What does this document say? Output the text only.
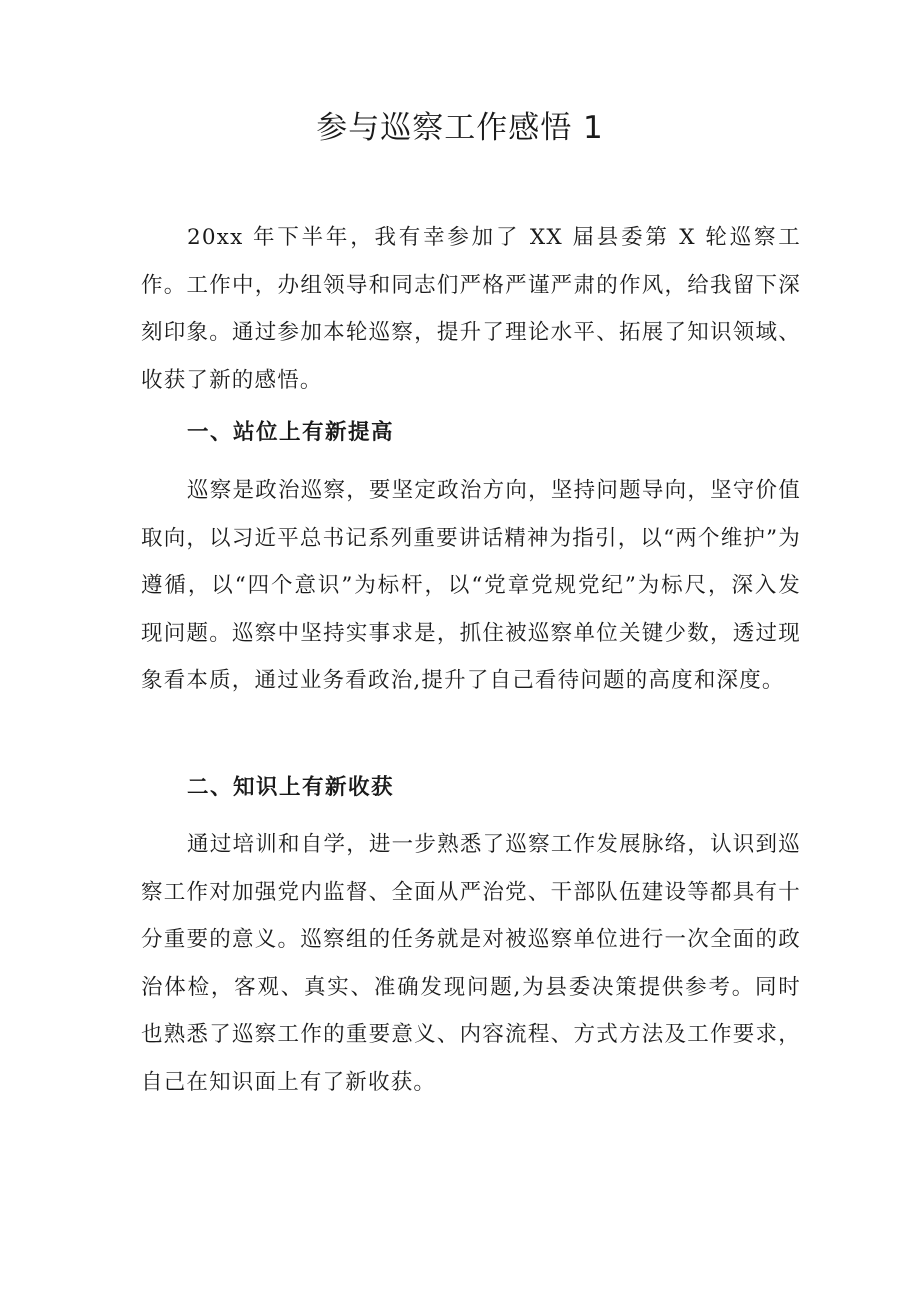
参与巡察工作感悟 1

20xx 年下半年，我有幸参加了 XX 届县委第 X 轮巡察工作。工作中，办组领导和同志们严格严谨严肃的作风，给我留下深刻印象。通过参加本轮巡察，提升了理论水平、拓展了知识领域、收获了新的感悟。

一、站位上有新提高

巡察是政治巡察，要坚定政治方向，坚持问题导向，坚守价值取向，以习近平总书记系列重要讲话精神为指引，以“两个维护”为遵循，以“四个意识”为标杆，以“党章党规党纪”为标尺，深入发现问题。巡察中坚持实事求是，抓住被巡察单位关键少数，透过现象看本质，通过业务看政治,提升了自己看待问题的高度和深度。

二、知识上有新收获

通过培训和自学，进一步熟悉了巡察工作发展脉络，认识到巡察工作对加强党内监督、全面从严治党、干部队伍建设等都具有十分重要的意义。巡察组的任务就是对被巡察单位进行一次全面的政治体检，客观、真实、准确发现问题,为县委决策提供参考。同时也熟悉了巡察工作的重要意义、内容流程、方式方法及工作要求，自己在知识面上有了新收获。
